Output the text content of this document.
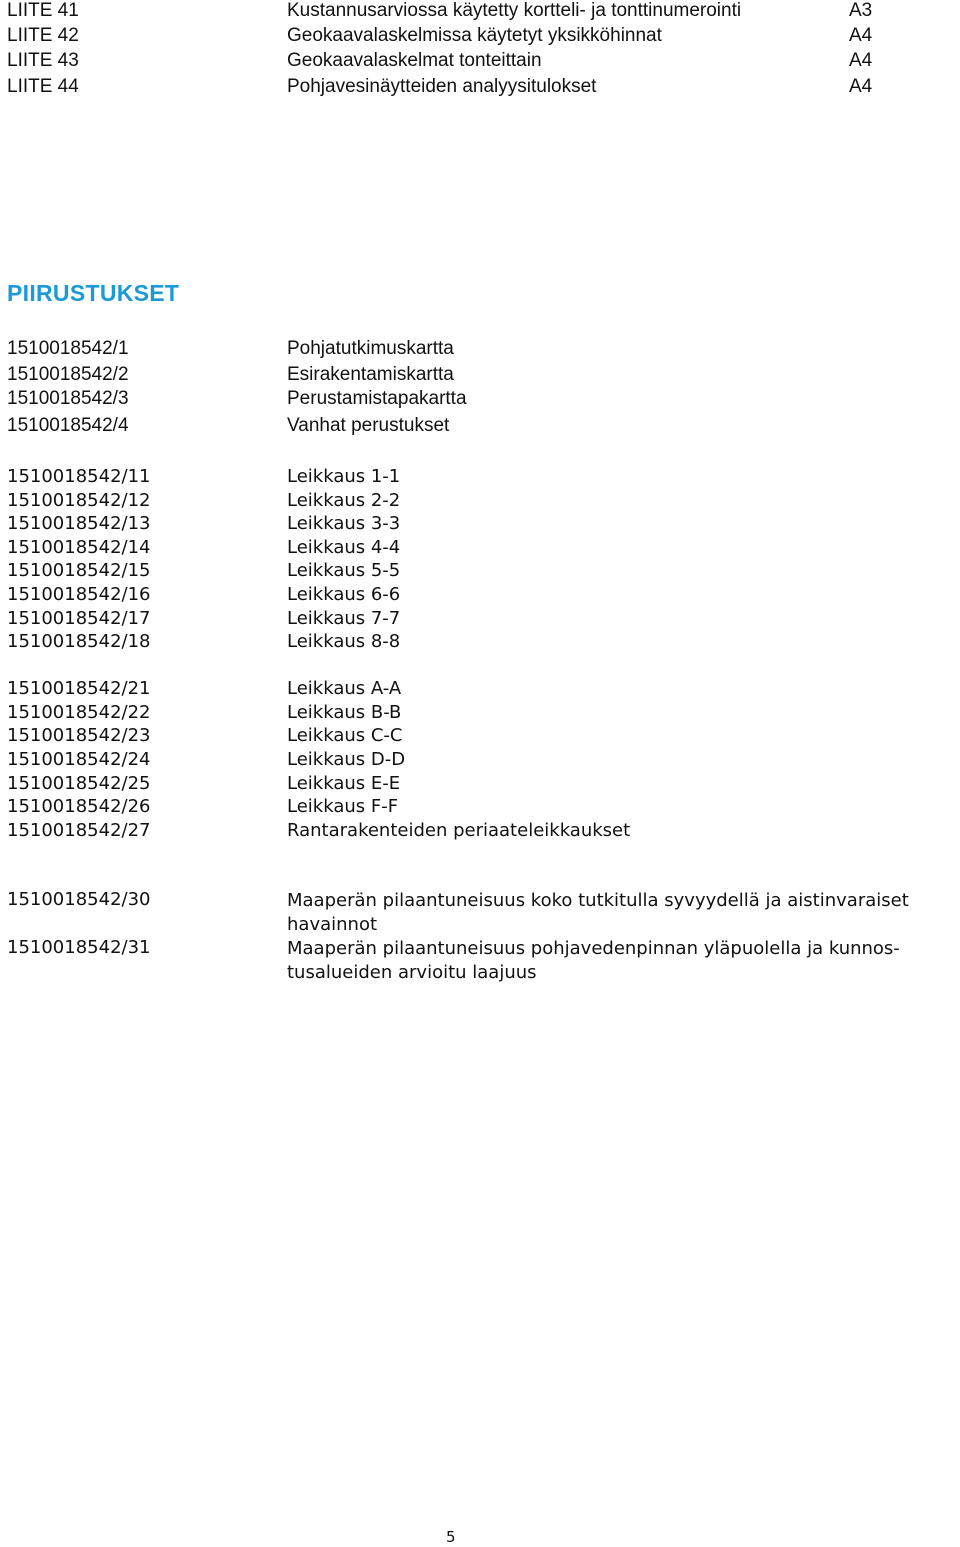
LIITE 41	Kustannusarviossa käytetty kortteli- ja tonttinumerointi	A3
LIITE 42	Geokaavalaskelmissa käytetyt yksikköhinnat	A4
LIITE 43	Geokaavalaskelmat tonteittain	A4
LIITE 44	Pohjavesinäytteiden analyysitulokset	A4
PIIRUSTUKSET
1510018542/1	Pohjatutkimuskartta
1510018542/2	Esirakentamiskartta
1510018542/3	Perustamistapakartta
1510018542/4	Vanhat perustukset
1510018542/11	Leikkaus 1-1
1510018542/12	Leikkaus 2-2
1510018542/13	Leikkaus 3-3
1510018542/14	Leikkaus 4-4
1510018542/15	Leikkaus 5-5
1510018542/16	Leikkaus 6-6
1510018542/17	Leikkaus 7-7
1510018542/18	Leikkaus 8-8
1510018542/21	Leikkaus A-A
1510018542/22	Leikkaus B-B
1510018542/23	Leikkaus C-C
1510018542/24	Leikkaus D-D
1510018542/25	Leikkaus E-E
1510018542/26	Leikkaus F-F
1510018542/27	Rantarakenteiden periaateleikkaukset
1510018542/30	Maaperän pilaantuneisuus koko tutkitulla syvyydellä ja aistinvaraiset havainnot
1510018542/31	Maaperän pilaantuneisuus pohjavedenpinnan yläpuolella ja kunnos-tusalueiden arvioitu laajuus
5
